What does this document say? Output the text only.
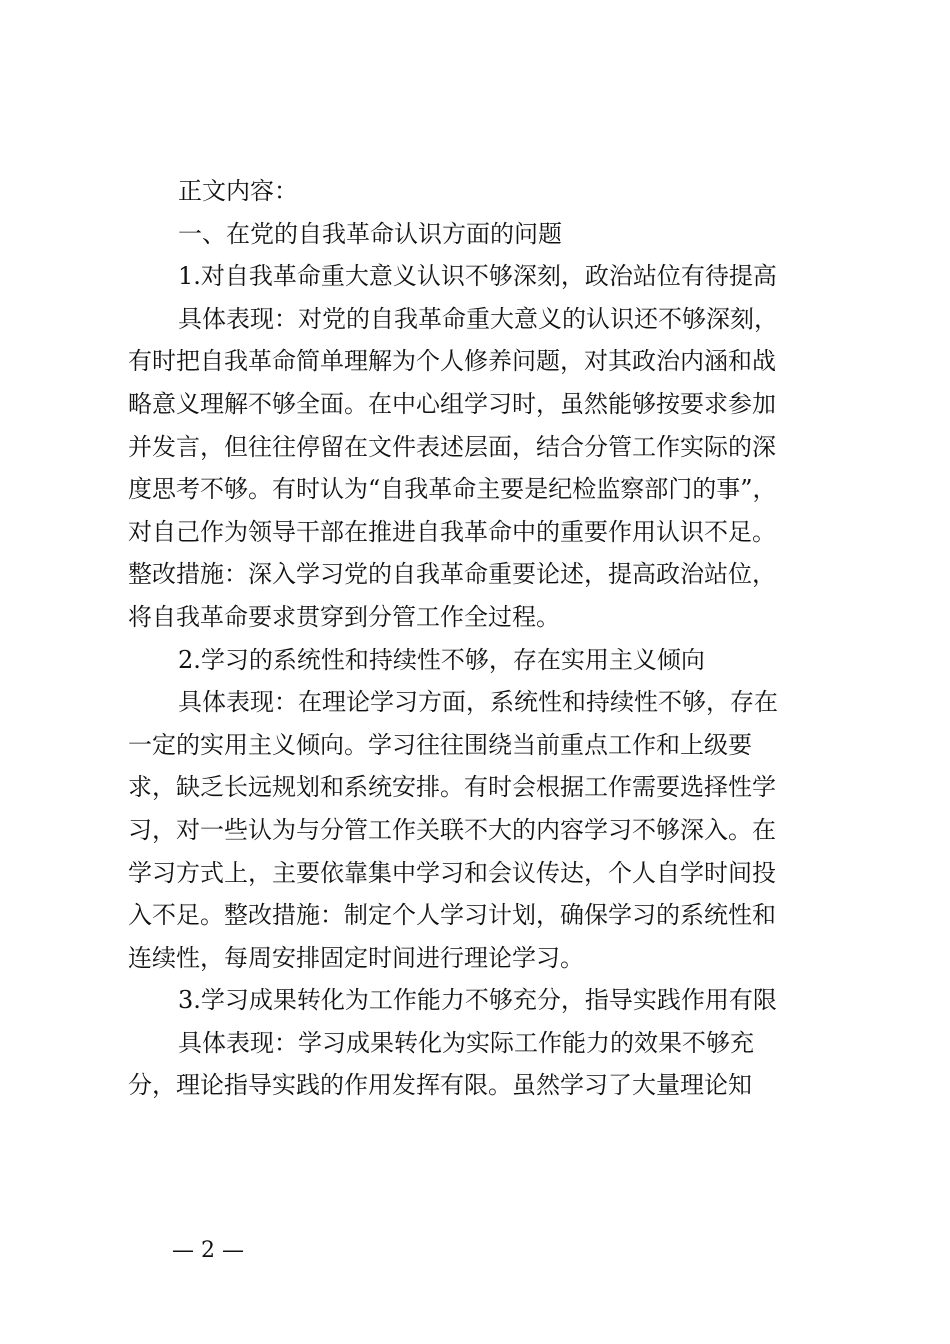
正文内容：
一、在党的自我革命认识方面的问题
1.对自我革命重大意义认识不够深刻，政治站位有待提高
具体表现：对党的自我革命重大意义的认识还不够深刻，
有时把自我革命简单理解为个人修养问题，对其政治内涵和战
略意义理解不够全面。在中心组学习时，虽然能够按要求参加
并发言，但往往停留在文件表述层面，结合分管工作实际的深
度思考不够。有时认为“自我革命主要是纪检监察部门的事”，
对自己作为领导干部在推进自我革命中的重要作用认识不足。
整改措施：深入学习党的自我革命重要论述，提高政治站位，
将自我革命要求贯穿到分管工作全过程。
2.学习的系统性和持续性不够，存在实用主义倾向
具体表现：在理论学习方面，系统性和持续性不够，存在
一定的实用主义倾向。学习往往围绕当前重点工作和上级要
求，缺乏长远规划和系统安排。有时会根据工作需要选择性学
习，对一些认为与分管工作关联不大的内容学习不够深入。在
学习方式上，主要依靠集中学习和会议传达，个人自学时间投
入不足。整改措施：制定个人学习计划，确保学习的系统性和
连续性，每周安排固定时间进行理论学习。
3.学习成果转化为工作能力不够充分，指导实践作用有限
具体表现：学习成果转化为实际工作能力的效果不够充
分，理论指导实践的作用发挥有限。虽然学习了大量理论知
— 2 —
